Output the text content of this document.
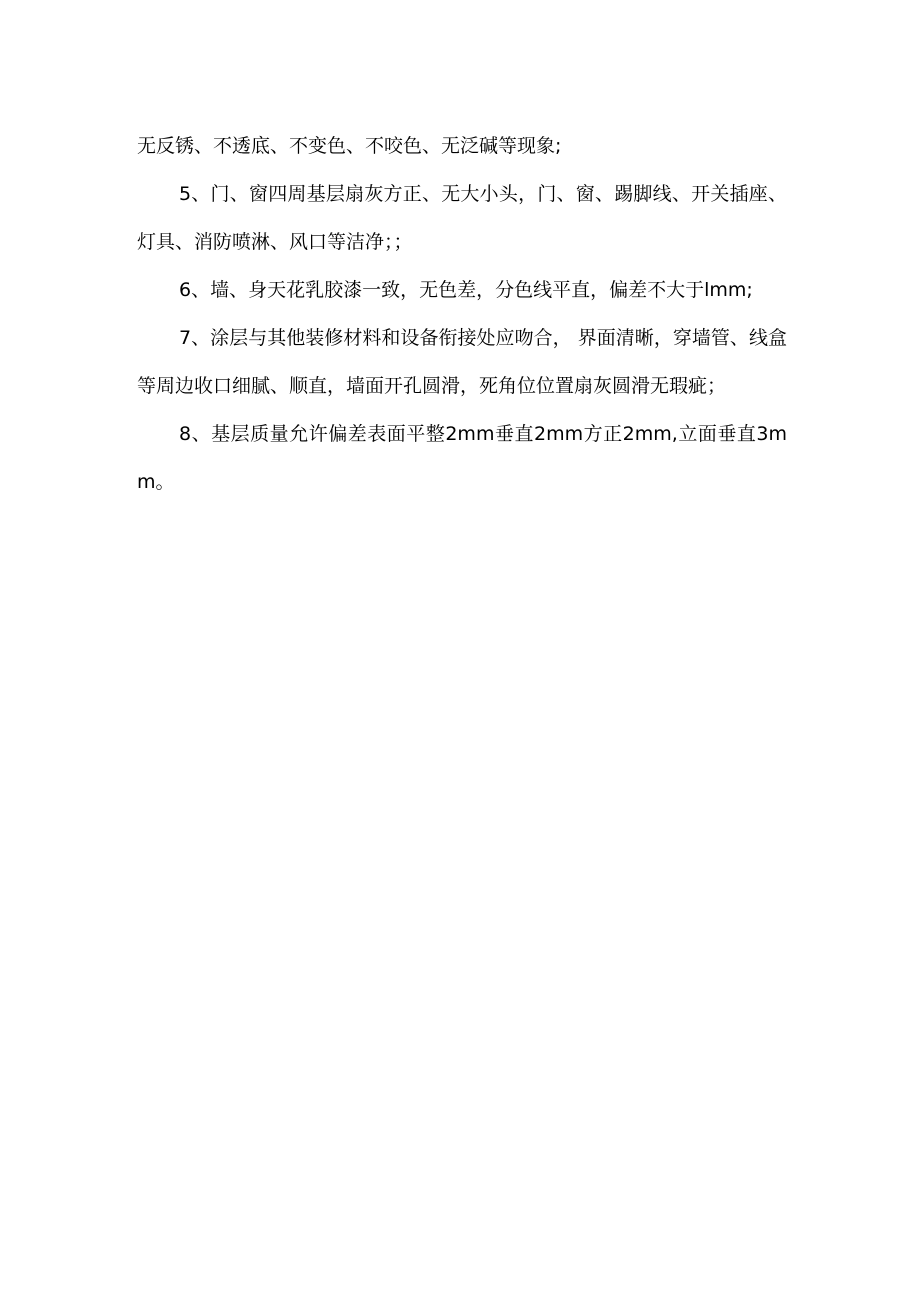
无反锈、不透底、不变色、不咬色、无泛碱等现象;

5、门、窗四周基层扇灰方正、无大小头，门、窗、踢脚线、开关插座、灯具、消防喷淋、风口等洁净；；

6、墙、身天花乳胶漆一致，无色差，分色线平直，偏差不大于lmm;

7、涂层与其他装修材料和设备衔接处应吻合， 界面清晰，穿墙管、线盒等周边收口细腻、顺直，墙面开孔圆滑，死角位位置扇灰圆滑无瑕疵；

8、基层质量允许偏差表面平整2mm垂直2mm方正2mm,立面垂直3mm。
